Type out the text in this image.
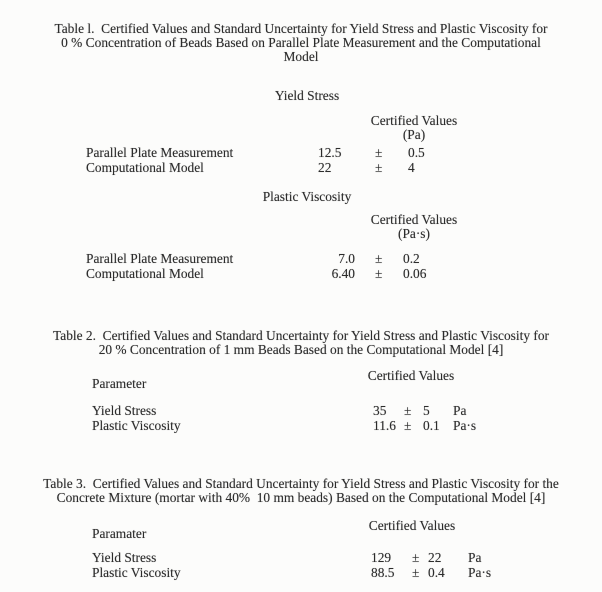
Table l.  Certified Values and Standard Uncertainty for Yield Stress and Plastic Viscosity for
0 % Concentration of Beads Based on Parallel Plate Measurement and the Computational
Model
Yield Stress
Certified Values
(Pa)
Parallel Plate Measurement	12.5	± 0.5
Computational Model	22	± 4
Plastic Viscosity
Certified Values
(Pa·s)
Parallel Plate Measurement	7.0 ± 0.2
Computational Model	6.40 ± 0.06
Table 2.  Certified Values and Standard Uncertainty for Yield Stress and Plastic Viscosity for
20 % Concentration of 1 mm Beads Based on the Computational Model [4]
Certified Values
Parameter
Yield Stress	35 ± 5 Pa
Plastic Viscosity	11.6 ± 0.1 Pa·s
Table 3.  Certified Values and Standard Uncertainty for Yield Stress and Plastic Viscosity for the
Concrete Mixture (mortar with 40%  10 mm beads) Based on the Computational Model [4]
Certified Values
Paramater
Yield Stress	129 ± 22 Pa
Plastic Viscosity	88.5 ± 0.4 Pa·s
